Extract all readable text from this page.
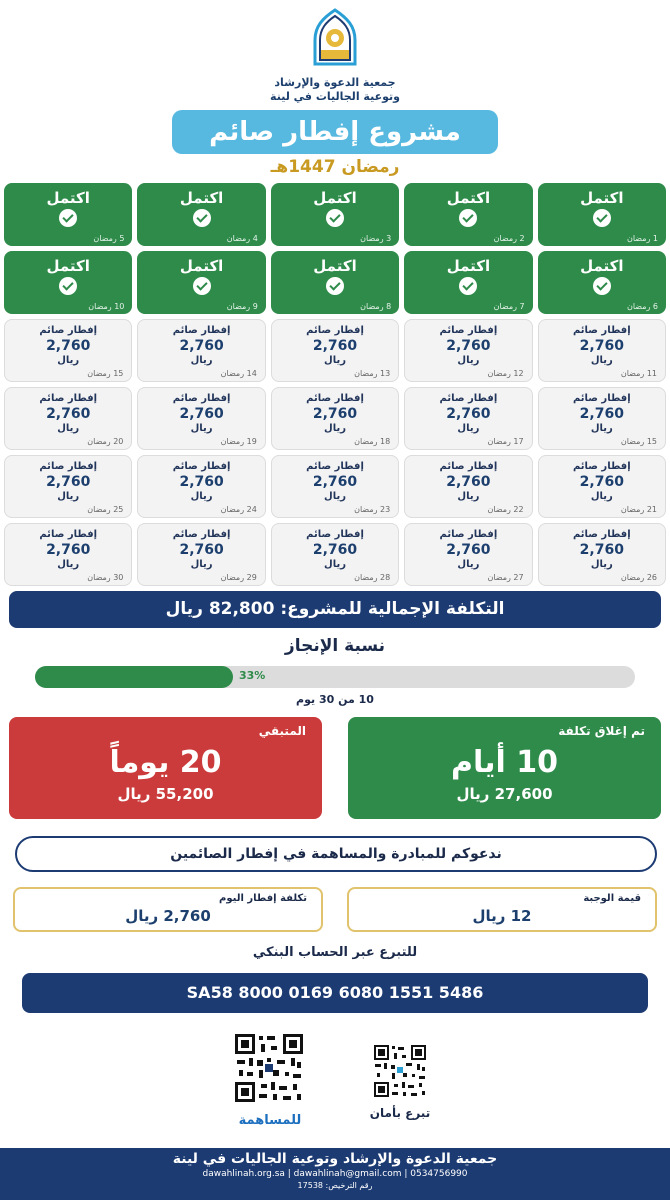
جمعية الدعوة والإرشاد
وتوعية الجاليات في لينة
مشروع إفطار صائم
رمضان 1447هـ
اكتمل
1 رمضان
اكتمل
2 رمضان
اكتمل
3 رمضان
اكتمل
4 رمضان
اكتمل
5 رمضان
اكتمل
6 رمضان
اكتمل
7 رمضان
اكتمل
8 رمضان
اكتمل
9 رمضان
اكتمل
10 رمضان
إفطار صائم
2,760
ريال
11 رمضان
إفطار صائم
2,760
ريال
12 رمضان
إفطار صائم
2,760
ريال
13 رمضان
إفطار صائم
2,760
ريال
14 رمضان
إفطار صائم
2,760
ريال
15 رمضان
إفطار صائم
2,760
ريال
15 رمضان
إفطار صائم
2,760
ريال
17 رمضان
إفطار صائم
2,760
ريال
18 رمضان
إفطار صائم
2,760
ريال
19 رمضان
إفطار صائم
2,760
ريال
20 رمضان
إفطار صائم
2,760
ريال
21 رمضان
إفطار صائم
2,760
ريال
22 رمضان
إفطار صائم
2,760
ريال
23 رمضان
إفطار صائم
2,760
ريال
24 رمضان
إفطار صائم
2,760
ريال
25 رمضان
إفطار صائم
2,760
ريال
26 رمضان
إفطار صائم
2,760
ريال
27 رمضان
إفطار صائم
2,760
ريال
28 رمضان
إفطار صائم
2,760
ريال
29 رمضان
إفطار صائم
2,760
ريال
30 رمضان
التكلفة الإجمالية للمشروع: 82,800 ريال
نسبة الإنجاز
33%
10 من 30 يوم
تم إغلاق تكلفة
10 أيام
27,600 ريال
المتبقي
20 يوماً
55,200 ريال
ندعوكم للمبادرة والمساهمة في إفطار الصائمين
قيمة الوجبة
12 ريال
تكلفة إفطار اليوم
2,760 ريال
للتبرع عبر الحساب البنكي
SA58 8000 0169 6080 1551 5486
للمساهمة	تبرع بأمان
جمعية الدعوة والإرشاد وتوعية الجاليات في لينة
dawahlinah.org.sa | dawahlinah@gmail.com | 0534756990
رقم الترخيص: 17538
